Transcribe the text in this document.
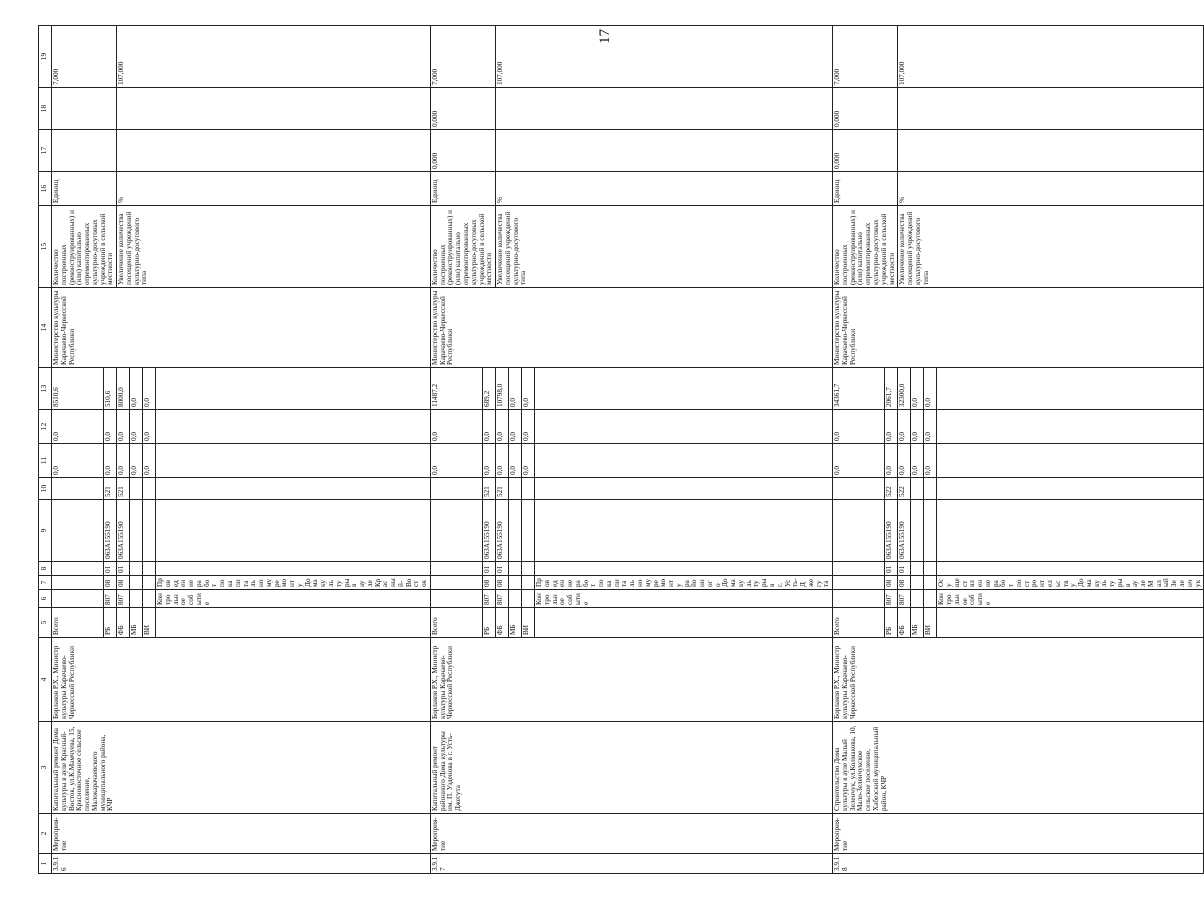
17
1	2	3	4	5	6	7	8	9	10	11	12	13	14	15	16	17	18	19	
3.9.16	Мероприя-тие	Капитальный ремонт Дома культуры в ауле Красный-Восток, ул.К.Мамчуева, 15, Красновосточное сельское поселение, Малокарачаевского муниципального района, КЧР	Борлаков Р.Х., Министр культуры Карачаево-Черкесской Республики	Всего						0,0	0,0	8510,6	Министерство культуры Карачаево-Черкесской Республики	Количество построенных (реконструированных) и (или) капитально отремонтированных культурно-досуговых учреждений в сельской местности	Единиц			7,000	
				РБ	807	08	01	063А155190	521	0,0	0,0	510,6							
				ФБ	807	08	01	063А155190	521	0,0	0,0	8000,0		Увеличение количества посещений учреждений культурно-досугового типа	%			107,000	
				МБ						0,0	0,0	0,0							
				ВИ						0,0	0,0	0,0							
					Контрольное событие	Проведение работ по капитальному ремонту Дома культуры в ауле Красный-Восток																
3.9.17	Мероприя-тие	Капитальный ремонт районного Дома культуры им. П. Узденова в г. Усть-Джегута	Борлаков Р.Х., Министр культуры Карачаево-Черкесской Республики	Всего						0,0	0,0	11487,2	Министерство культуры Карачаево-Черкесской Республики	Количество построенных (реконструированных) и (или) капитально отремонтированных культурно-досуговых учреждений в сельской местности	Единиц	0,000	0,000	7,000	
				РБ	807	08	01	063А155190	521	0,0	0,0	689,2							
				ФБ	807	08	01	063А155190	521	0,0	0,0	10798,0		Увеличение количества посещений учреждений культурно-досугового типа	%			107,000	
				МБ						0,0	0,0	0,0							
				ВИ						0,0	0,0	0,0							
					Контрольное событие	Проведение работ по капитальному ремонту районного Дома культуры в г. Усть-Джегута																
3.9.18	Мероприя-тие	Строительство Дома культуры в ауле Малый Зеленчук, ул.Колмакова, 10, Мало-Зеленчукское сельское поселение, Хабезский муниципальный район, КЧР	Борлаков Р.Х., Министр культуры Карачаево-Черкесской Республики	Всего						0,0	0,0	34361,7	Министерство культуры Карачаево-Черкесской Республики	Количество построенных (реконструированных) и (или) капитально отремонтированных культурно-досуговых учреждений в сельской местности	Единиц	0,000	0,000	7,000	
				РБ	807	08	01	063А155190	522	0,0	0,0	2061,7							
				ФБ	807	08	01	063А155190	522	0,0	0,0	32300,0		Увеличение количества посещений учреждений культурно-досугового типа	%			107,000	
				МБ						0,0	0,0	0,0							
				ВИ						0,0	0,0	0,0							
					Контрольное событие	Осуществление работ по строительству Дома культуры в ауле Малый Зеленчук																
